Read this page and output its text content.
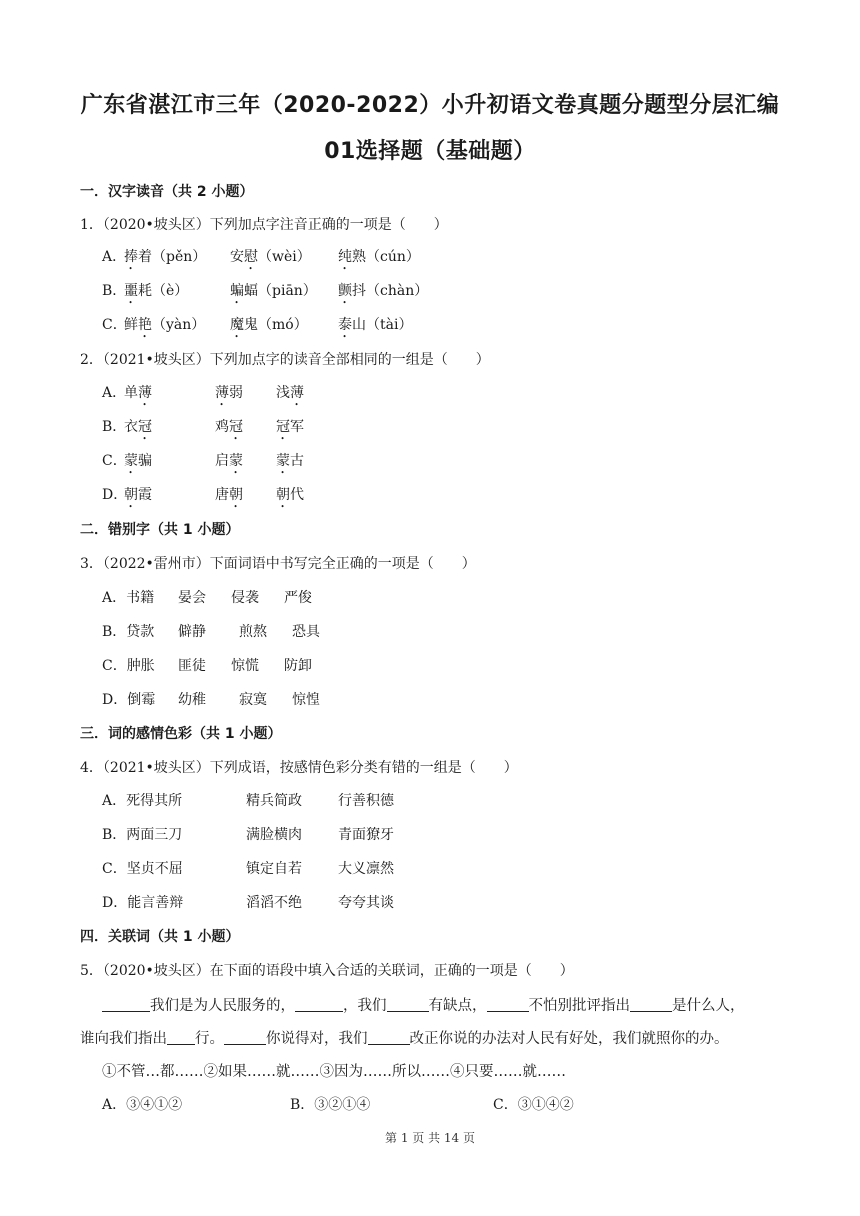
广东省湛江市三年（2020-2022）小升初语文卷真题分题型分层汇编
01选择题（基础题）
一．汉字读音（共 2 小题）
1．（2020•坡头区）下列加点字注音正确的一项是（　　）
A．
捧着（pěn） 安慰（wèi） 纯熟（cún）
B．
噩耗（è）	蝙蝠（piān） 颤抖（chàn）
C．
鲜艳（yàn） 魔鬼（mó） 泰山（tài）
2．（2021•坡头区）下列加点字的读音全部相同的一组是（　　）
A．
单薄	薄弱 浅薄
B．
衣冠	鸡冠 冠军
C．
蒙骗	启蒙 蒙古
D．
朝霞	唐朝 朝代
二．错别字（共 1 小题）
3．（2022•雷州市）下面词语中书写完全正确的一项是（　　）
A．书籍 晏会 侵袭 严俊
B．贷款 僻静 煎熬 恐具
C．肿胀 匪徒 惊慌 防卸
D．倒霉 幼稚 寂寞 惊惶
三．词的感情色彩（共 1 小题）
4．（2021•坡头区）下列成语，按感情色彩分类有错的一组是（　　）
A．死得其所	精兵简政	行善积德
B．两面三刀	满脸横肉	青面獠牙
C．坚贞不屈	镇定自若	大义凛然
D．能言善辩	滔滔不绝	夸夸其谈
四．关联词（共 1 小题）
5．（2020•坡头区）在下面的语段中填入合适的关联词，正确的一项是（　　）
我们是为人民服务的，	，我们	有缺点，	不怕别批评指出	是什么人，
谁向我们指出 行。	你说得对，我们	改正你说的办法对人民有好处，我们就照你的办。
①不管…都……②如果……就……③因为……所以……④只要……就……
A．③④①②	B．③②①④	C．③①④②
第 1 页 共 14 页
